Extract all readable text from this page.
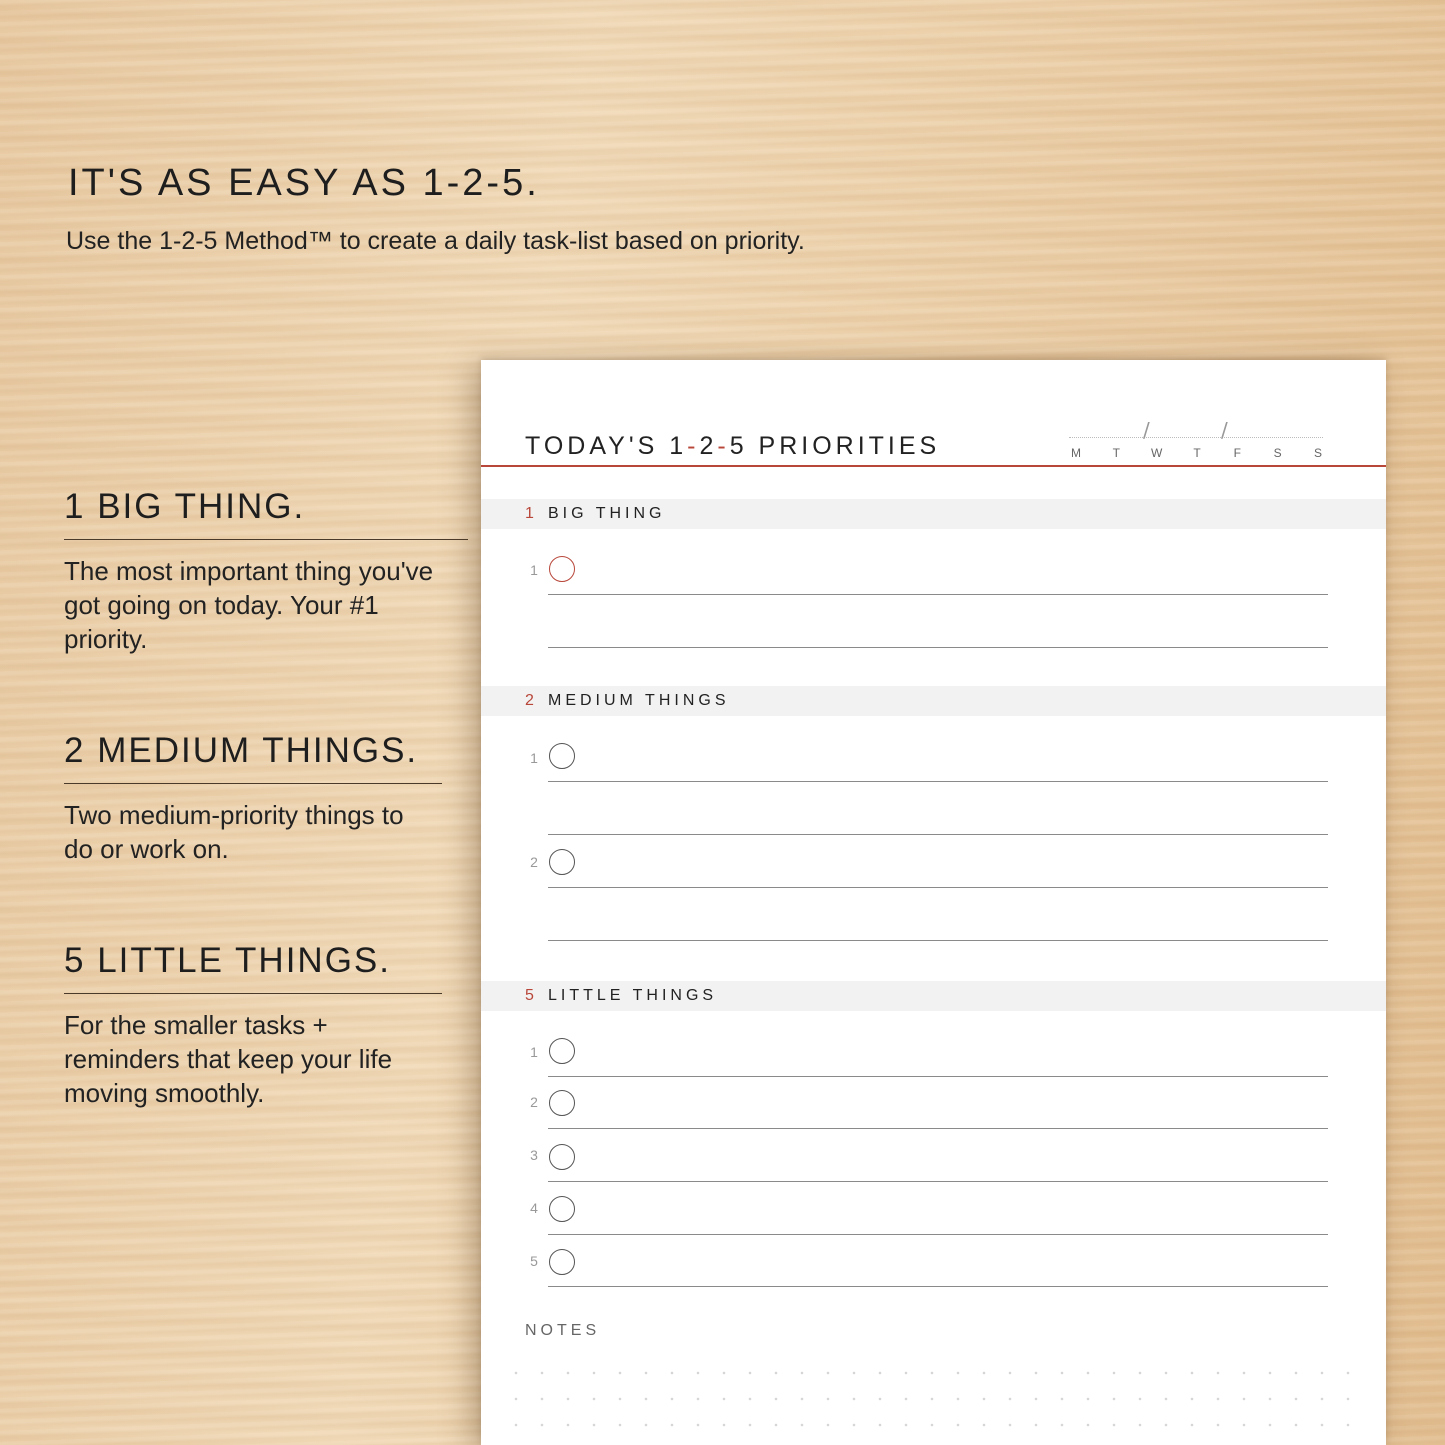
IT'S AS EASY AS 1-2-5.

Use the 1-2-5 Method™ to create a daily task-list based on priority.

1 BIG THING.

The most important thing you've got going on today. Your #1 priority.

2 MEDIUM THINGS.

Two medium-priority things to do or work on.

5 LITTLE THINGS.

For the smaller tasks + reminders that keep your life moving smoothly.

TODAY'S 1-2-5 PRIORITIES
/	/
M	T	W	T	F	S	S
1 BIG THING
1
2 MEDIUM THINGS
1
2
5 LITTLE THINGS
1
2
3
4
5
NOTES
